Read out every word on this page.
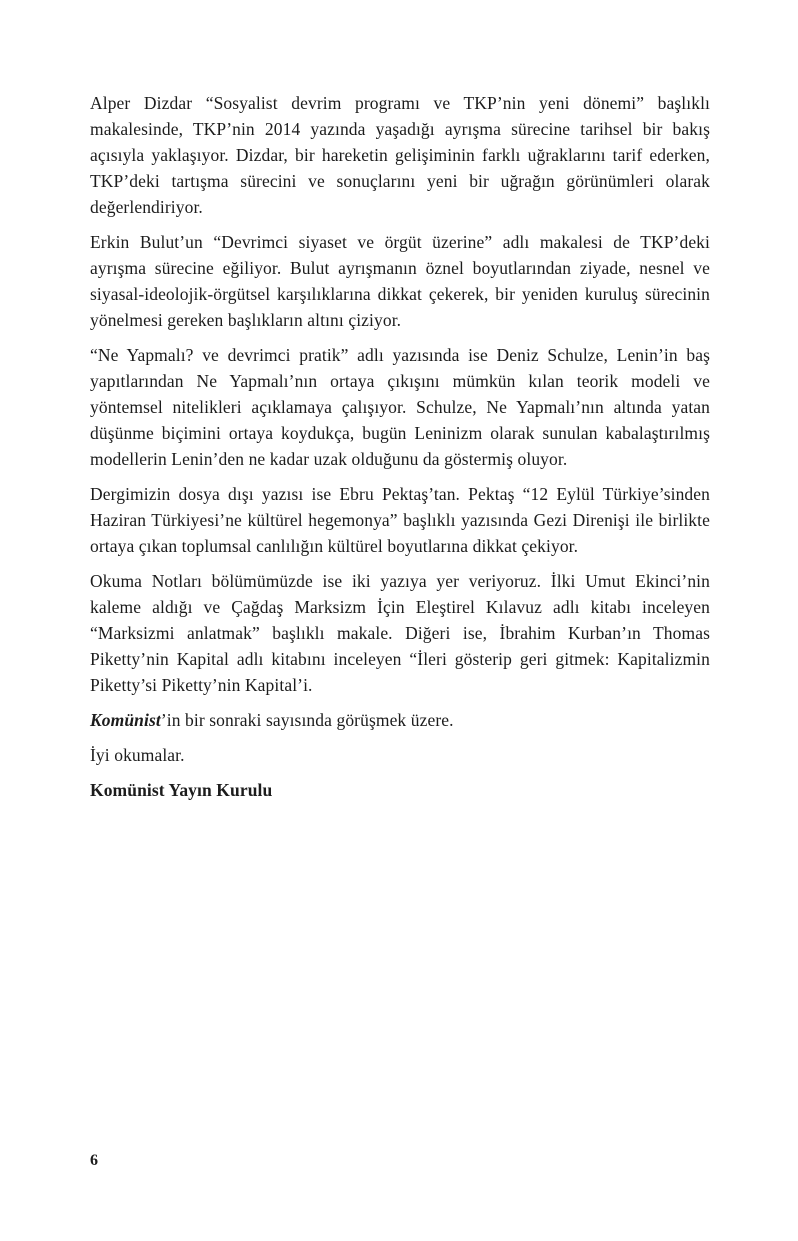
Alper Dizdar “Sosyalist devrim programı ve TKP’nin yeni dönemi” başlıklı makalesinde, TKP’nin 2014 yazında yaşadığı ayrışma sürecine tarihsel bir bakış açısıyla yaklaşıyor. Dizdar, bir hareketin gelişiminin farklı uğraklarını tarif ederken, TKP’deki tartışma sürecini ve sonuçlarını yeni bir uğrağın görünümleri olarak değerlendiriyor.

Erkin Bulut’un “Devrimci siyaset ve örgüt üzerine” adlı makalesi de TKP’deki ayrışma sürecine eğiliyor. Bulut ayrışmanın öznel boyutlarından ziyade, nesnel ve siyasal-ideolojik-örgütsel karşılıklarına dikkat çekerek, bir yeniden kuruluş sürecinin yönelmesi gereken başlıkların altını çiziyor.

“Ne Yapmalı? ve devrimci pratik” adlı yazısında ise Deniz Schulze, Lenin’in baş yapıtlarından Ne Yapmalı’nın ortaya çıkışını mümkün kılan teorik modeli ve yöntemsel nitelikleri açıklamaya çalışıyor. Schulze, Ne Yapmalı’nın altında yatan düşünme biçimini ortaya koydukça, bugün Leninizm olarak sunulan kabalaştırılmış modellerin Lenin’den ne kadar uzak olduğunu da göstermiş oluyor.

Dergimizin dosya dışı yazısı ise Ebru Pektaş’tan. Pektaş “12 Eylül Türkiye’sinden Haziran Türkiyesi’ne kültürel hegemonya” başlıklı yazısında Gezi Direnişi ile birlikte ortaya çıkan toplumsal canlılığın kültürel boyutlarına dikkat çekiyor.

Okuma Notları bölümümüzde ise iki yazıya yer veriyoruz. İlki Umut Ekinci’nin kaleme aldığı ve Çağdaş Marksizm İçin Eleştirel Kılavuz adlı kitabı inceleyen “Marksizmi anlatmak” başlıklı makale. Diğeri ise, İbrahim Kurban’ın Thomas Piketty’nin Kapital adlı kitabını inceleyen “İleri gösterip geri gitmek: Kapitalizmin Piketty’si Piketty’nin Kapital’i.

Komünist’in bir sonraki sayısında görüşmek üzere.

İyi okumalar.

Komünist Yayın Kurulu

6
